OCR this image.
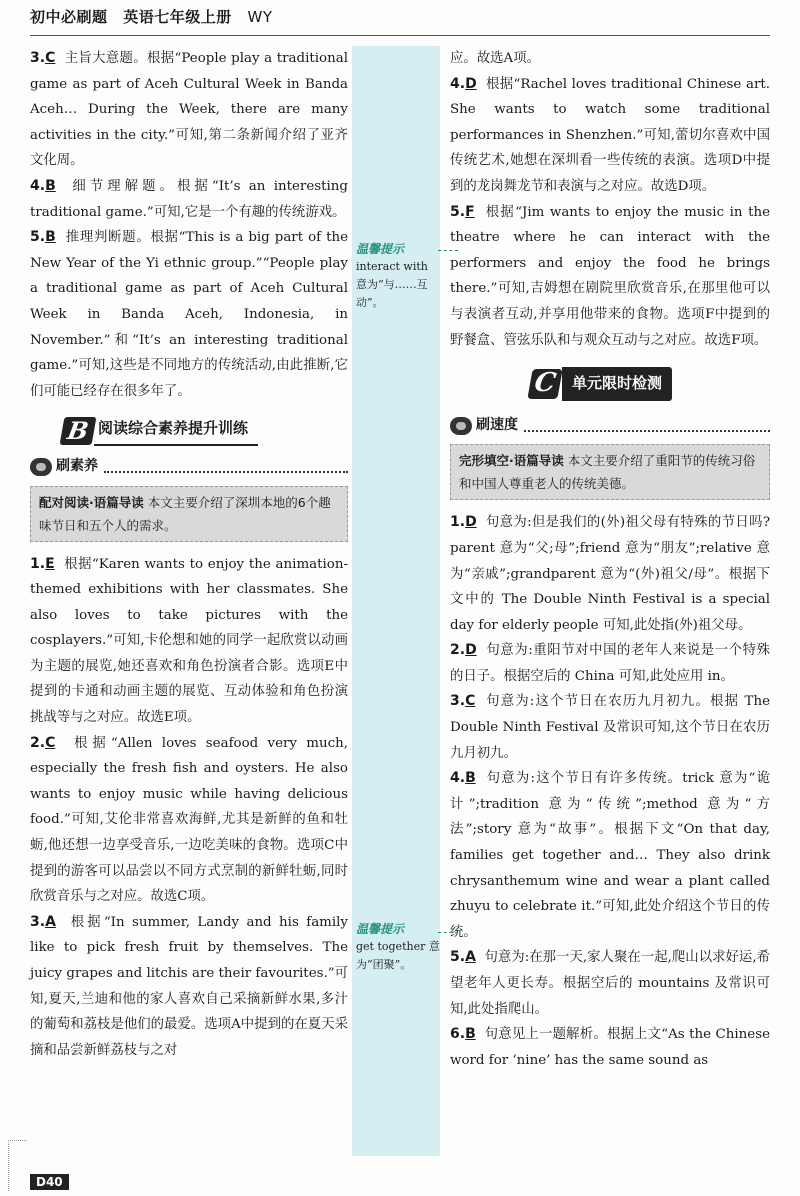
初中必刷题 英语七年级上册 WY
3.C 主旨大意题。根据“People play a traditional game as part of Aceh Cultural Week in Banda Aceh… During the Week, there are many activities in the city.”可知,第二条新闻介绍了亚齐文化周。
4.B 细节理解题。根据“It’s an interesting traditional game.”可知,它是一个有趣的传统游戏。
5.B 推理判断题。根据“This is a big part of the New Year of the Yi ethnic group.”“People play a traditional game as part of Aceh Cultural Week in Banda Aceh, Indonesia, in November.”和“It’s an interesting traditional game.”可知,这些是不同地方的传统活动,由此推断,它们可能已经存在很多年了。
B 阅读综合素养提升训练
刷素养
配对阅读·语篇导读 本文主要介绍了深圳本地的6个趣味节日和五个人的需求。
1.E 根据“Karen wants to enjoy the animation-themed exhibitions with her classmates. She also loves to take pictures with the cosplayers.”可知,卡伦想和她的同学一起欣赏以动画为主题的展览,她还喜欢和角色扮演者合影。选项E中提到的卡通和动画主题的展览、互动体验和角色扮演挑战等与之对应。故选E项。
2.C 根据“Allen loves seafood very much, especially the fresh fish and oysters. He also wants to enjoy music while having delicious food.”可知,艾伦非常喜欢海鲜,尤其是新鲜的鱼和牡蛎,他还想一边享受音乐,一边吃美味的食物。选项C中提到的游客可以品尝以不同方式烹制的新鲜牡蛎,同时欣赏音乐与之对应。故选C项。
3.A 根据“In summer, Landy and his family like to pick fresh fruit by themselves. The juicy grapes and litchis are their favourites.”可知,夏天,兰迪和他的家人喜欢自己采摘新鲜水果,多汁的葡萄和荔枝是他们的最爱。选项A中提到的在夏天采摘和品尝新鲜荔枝与之对
应。故选A项。
4.D 根据“Rachel loves traditional Chinese art. She wants to watch some traditional performances in Shenzhen.”可知,蕾切尔喜欢中国传统艺术,她想在深圳看一些传统的表演。选项D中提到的龙岗舞龙节和表演与之对应。故选D项。
5.F 根据“Jim wants to enjoy the music in the theatre where he can interact with the performers and enjoy the food he brings there.”可知,吉姆想在剧院里欣赏音乐,在那里他可以与表演者互动,并享用他带来的食物。选项F中提到的野餐盒、管弦乐队和与观众互动与之对应。故选F项。
C 单元限时检测
刷速度
完形填空·语篇导读 本文主要介绍了重阳节的传统习俗和中国人尊重老人的传统美德。
1.D 句意为:但是我们的(外)祖父母有特殊的节日吗?parent 意为“父;母”;friend 意为“朋友”;relative 意为“亲戚”;grandparent 意为“(外)祖父/母”。根据下文中的 The Double Ninth Festival is a special day for elderly people 可知,此处指(外)祖父母。
2.D 句意为:重阳节对中国的老年人来说是一个特殊的日子。根据空后的 China 可知,此处应用 in。
3.C 句意为:这个节日在农历九月初九。根据 The Double Ninth Festival 及常识可知,这个节日在农历九月初九。
4.B 句意为:这个节日有许多传统。trick 意为“诡计”;tradition 意为“传统”;method 意为“方法”;story 意为“故事”。根据下文“On that day, families get together and… They also drink chrysanthemum wine and wear a plant called zhuyu to celebrate it.”可知,此处介绍这个节日的传统。
5.A 句意为:在那一天,家人聚在一起,爬山以求好运,希望老年人更长寿。根据空后的 mountains 及常识可知,此处指爬山。
6.B 句意见上一题解析。根据上文“As the Chinese word for ‘nine’ has the same sound as
温馨提示
interact with 意为“与……互动”。
温馨提示
get together 意为“团聚”。
D40
